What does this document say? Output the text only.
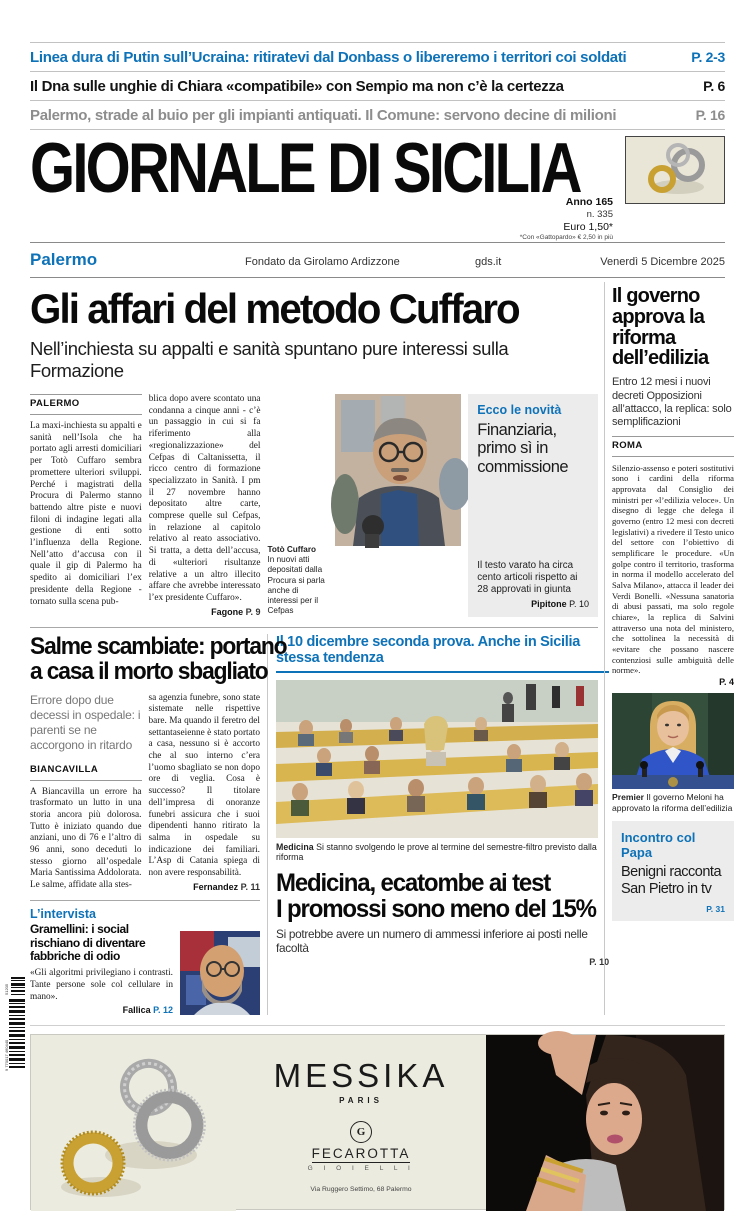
Linea dura di Putin sull’Ucraina: ritiratevi dal Donbass o libereremo i territori coi soldati	P. 2-3
Il Dna sulle unghie di Chiara «compatibile» con Sempio ma non c’è la certezza	P. 6
Palermo, strade al buio per gli impianti antiquati. Il Comune: servono decine di milioni	P. 16
GIORNALE DI SICILIA
Anno 165
n. 335
Euro 1,50*
*Con «Gattopardo» € 2,50 in più
Palermo	Fondato da Girolamo Ardizzone	gds.it	Venerdì 5 Dicembre 2025
Gli affari del metodo Cuffaro
Nell’inchiesta su appalti e sanità spuntano pure interessi sulla Formazione
PALERMO
La maxi-inchiesta su appalti e sanità nell’Isola che ha portato agli arresti domiciliari per Totò Cuffaro sembra promettere ulteriori sviluppi. Perché i magistrati della Procura di Palermo stanno battendo altre piste e nuovi filoni di indagine legati alla gestione di enti sotto l’influenza della Regione. Nell’atto d’accusa con il quale il gip di Palermo ha spedito ai domiciliari l’ex presidente della Regione - tornato sulla scena pub-
blica dopo avere scontato una condanna a cinque anni - c’è un passaggio in cui si fa riferimento alla «regionalizzazione» del Cefpas di Caltanissetta, il ricco centro di formazione specializzato in Sanità. I pm il 27 novembre hanno depositato altre carte, comprese quelle sul Cefpas, in relazione al capitolo relativo al reato associativo. Si tratta, a detta dell’accusa, di «ulteriori risultanze relative a un altro illecito affare che avrebbe interessato l’ex presidente Cuffaro».
Fagone P. 9
Totò Cuffaro
In nuovi atti depositati dalla Procura si parla anche di interessi per il Cefpas
Ecco le novità
Finanziaria, primo sì in commissione
Il testo varato ha circa cento articoli rispetto ai 28 approvati in giunta
Pipitone P. 10
Salme scambiate: portano
a casa il morto sbagliato
Errore dopo due decessi in ospedale: i parenti se ne accorgono in ritardo
BIANCAVILLA
A Biancavilla un errore ha trasformato un lutto in una storia ancora più dolorosa. Tutto è iniziato quando due anziani, uno di 76 e l’altro di 96 anni, sono deceduti lo stesso giorno all’ospedale Maria Santissima Addolorata. Le salme, affidate alla stes-
sa agenzia funebre, sono state sistemate nelle rispettive bare. Ma quando il feretro del settantaseienne è stato portato a casa, nessuno si è accorto che al suo interno c’era l’uomo sbagliato se non dopo ore di veglia. Cosa è successo? Il titolare dell’impresa di onoranze funebri assicura che i suoi dipendenti hanno ritirato la salma in ospedale su indicazione dei familiari. L’Asp di Catania spiega di non avere responsabilità.
Fernandez P. 11
L’intervista
Gramellini: i social rischiano di diventare fabbriche di odio
«Gli algoritmi privilegiano i contrasti. Tante persone sole col cellulare in mano».
Fallica P. 12
Il 10 dicembre seconda prova. Anche in Sicilia stessa tendenza
Medicina Si stanno svolgendo le prove al termine del semestre-filtro previsto dalla riforma
Medicina, ecatombe ai test
I promossi sono meno del 15%
Si potrebbe avere un numero di ammessi inferiore ai posti nelle facoltà
P. 10
Il governo approva la riforma dell’edilizia
Entro 12 mesi i nuovi decreti Opposizioni all’attacco, la replica: solo semplificazioni
ROMA
Silenzio-assenso e poteri sostitutivi sono i cardini della riforma approvata dal Consiglio dei ministri per «l’edilizia veloce». Un disegno di legge che delega il governo (entro 12 mesi con decreti legislativi) a rivedere il Testo unico del settore con l’obiettivo di semplificare le procedure. «Un golpe contro il territorio, trasforma in norma il modello accelerato del Salva Milano», attacca il leader dei Verdi Bonelli. «Nessuna sanatoria di abusi passati, ma solo regole chiare», la replica di Salvini attraverso una nota del ministero, che sottolinea la necessità di «evitare che possano nascere contenziosi sulle ambiguità delle norme».
P. 4
Premier Il governo Meloni ha approvato la riforma dell’edilizia
Incontro col Papa
Benigni racconta San Pietro in tv
P. 31
MESSIKA
PARIS
G
FECAROTTA
G I O I E L L I
Via Ruggero Settimo, 68 Palermo
9 770017 460440
51205
